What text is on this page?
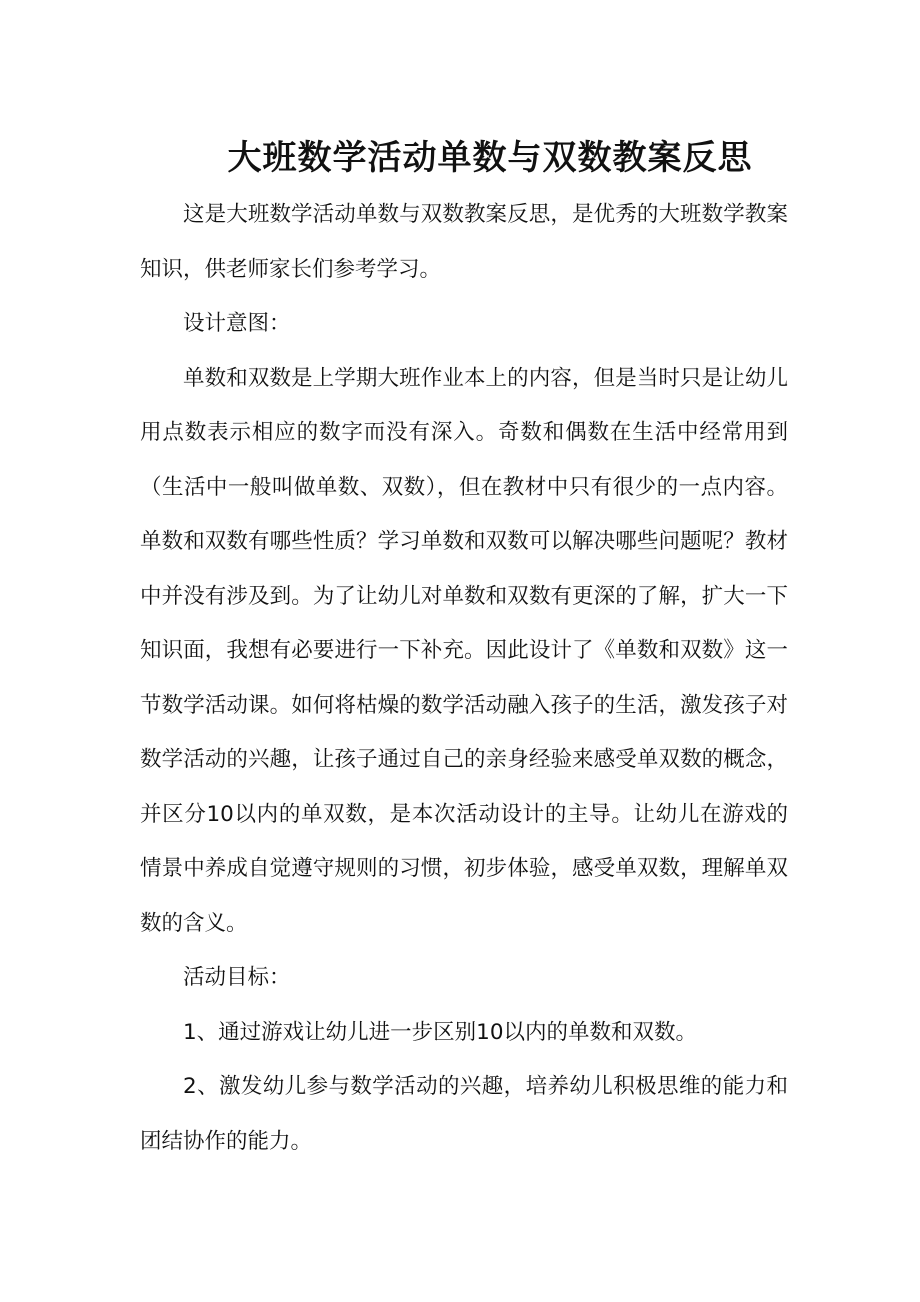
大班数学活动单数与双数教案反思

这是大班数学活动单数与双数教案反思，是优秀的大班数学教案知识，供老师家长们参考学习。

设计意图：

单数和双数是上学期大班作业本上的内容，但是当时只是让幼儿用点数表示相应的数字而没有深入。奇数和偶数在生活中经常用到（生活中一般叫做单数、双数），但在教材中只有很少的一点内容。单数和双数有哪些性质？学习单数和双数可以解决哪些问题呢？教材中并没有涉及到。为了让幼儿对单数和双数有更深的了解，扩大一下知识面，我想有必要进行一下补充。因此设计了《单数和双数》这一节数学活动课。如何将枯燥的数学活动融入孩子的生活，激发孩子对数学活动的兴趣，让孩子通过自己的亲身经验来感受单双数的概念，并区分10以内的单双数，是本次活动设计的主导。让幼儿在游戏的情景中养成自觉遵守规则的习惯，初步体验，感受单双数，理解单双数的含义。

活动目标：

1、通过游戏让幼儿进一步区别10以内的单数和双数。

2、激发幼儿参与数学活动的兴趣，培养幼儿积极思维的能力和团结协作的能力。
